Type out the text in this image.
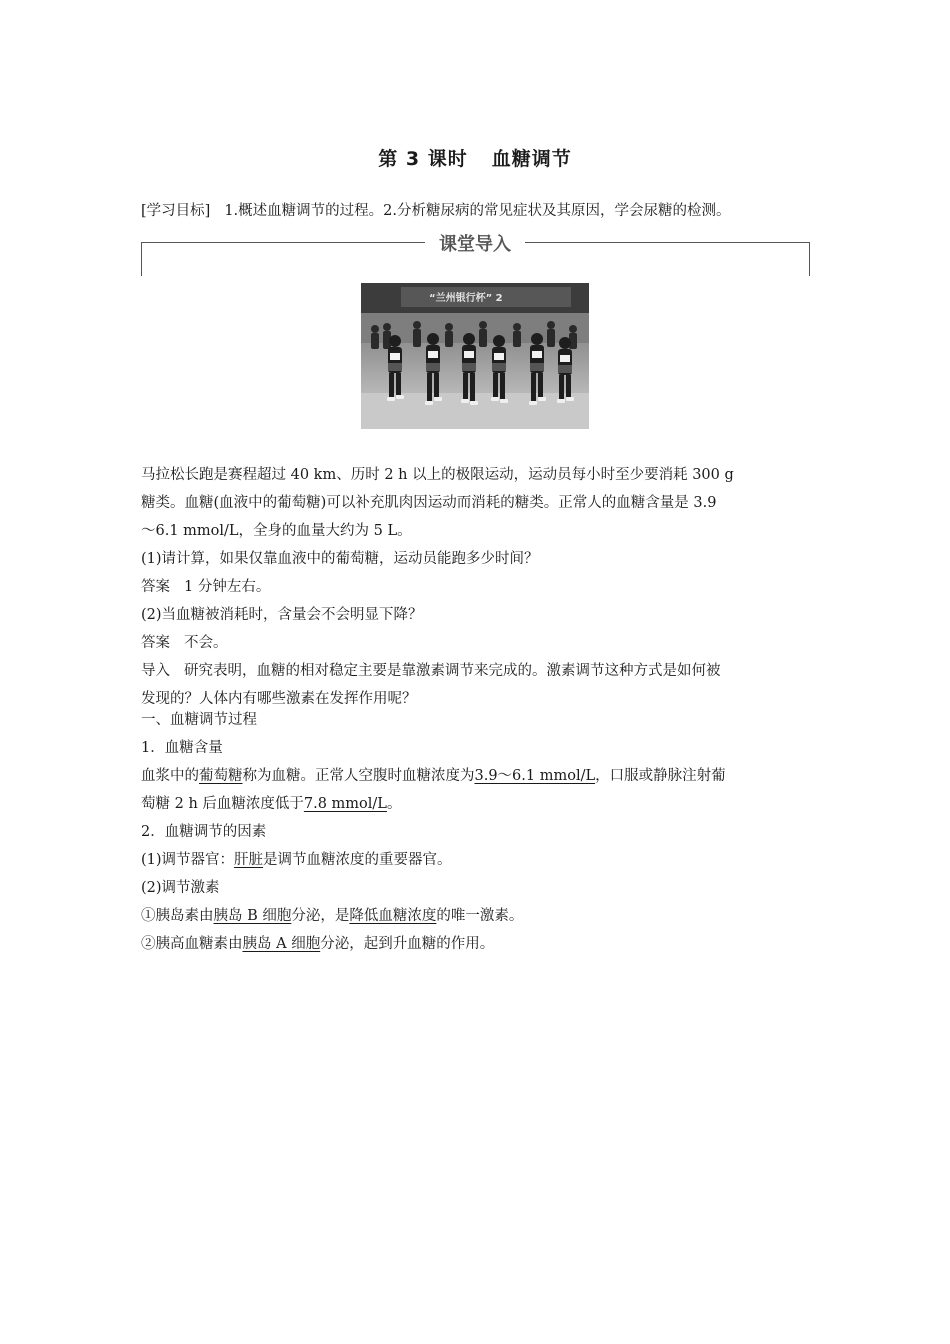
第 3 课时 血糖调节
[学习目标] 1.概述血糖调节的过程。2.分析糖尿病的常见症状及其原因，学会尿糖的检测。
课堂导入
“兰州银行杯” 2
马拉松长跑是赛程超过 40 km、历时 2 h 以上的极限运动，运动员每小时至少要消耗 300 g
糖类。血糖(血液中的葡萄糖)可以补充肌肉因运动而消耗的糖类。正常人的血糖含量是 3.9
～6.1 mmol/L，全身的血量大约为 5 L。
(1)请计算，如果仅靠血液中的葡萄糖，运动员能跑多少时间？
答案 1 分钟左右。
(2)当血糖被消耗时，含量会不会明显下降？
答案 不会。
导入 研究表明，血糖的相对稳定主要是靠激素调节来完成的。激素调节这种方式是如何被
发现的？人体内有哪些激素在发挥作用呢？
一、血糖调节过程
1．血糖含量
血浆中的葡萄糖称为血糖。正常人空腹时血糖浓度为3.9～6.1 mmol/L，口服或静脉注射葡
萄糖 2 h 后血糖浓度低于7.8 mmol/L。
2．血糖调节的因素
(1)调节器官：肝脏是调节血糖浓度的重要器官。
(2)调节激素
①胰岛素由胰岛 B 细胞分泌，是降低血糖浓度的唯一激素。
②胰高血糖素由胰岛 A 细胞分泌，起到升血糖的作用。
